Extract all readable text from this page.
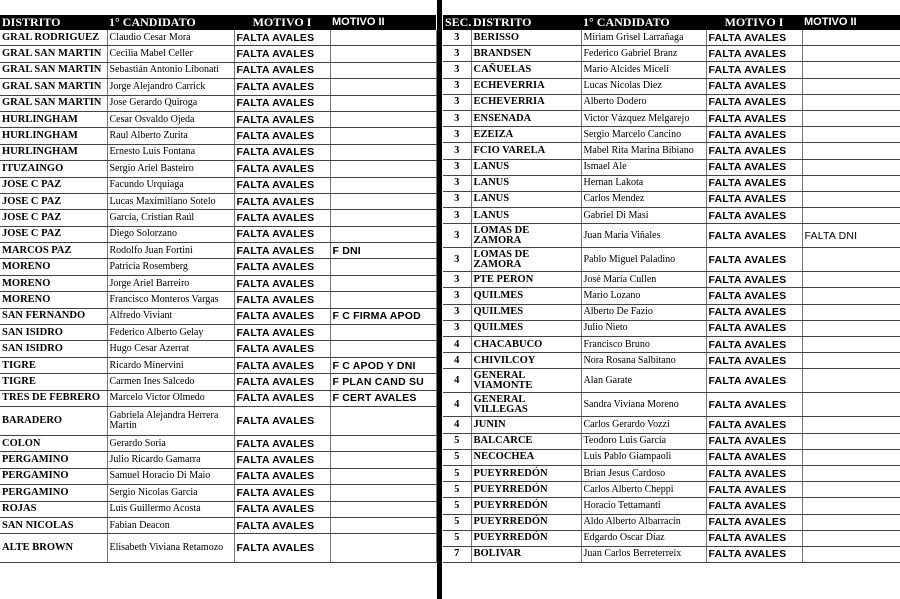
DISTRITO	1° CANDIDATO	MOTIVO I	MOTIVO II
GRAL RODRIGUEZ	Claudio Cesar Mora	FALTA AVALES	
GRAL SAN MARTIN	Cecilia Mabel Celler	FALTA AVALES	
GRAL SAN MARTIN	Sebastián Antonio Libonati	FALTA AVALES	
GRAL SAN MARTIN	Jorge Alejandro Carrick	FALTA AVALES	
GRAL SAN MARTIN	Jose Gerardo Quiroga	FALTA AVALES	
HURLINGHAM	Cesar Osvaldo Ojeda	FALTA AVALES	
HURLINGHAM	Raul Alberto Zurita	FALTA AVALES	
HURLINGHAM	Ernesto Luis Fontana	FALTA AVALES	
ITUZAINGO	Sergio Ariel Basteiro	FALTA AVALES	
JOSE C PAZ	Facundo Urquiaga	FALTA AVALES	
JOSE C PAZ	Lucas Maximiliano Sotelo	FALTA AVALES	
JOSE C PAZ	García, Cristian Raúl	FALTA AVALES	
JOSE C PAZ	Diego Solorzano	FALTA AVALES	
MARCOS PAZ	Rodolfo Juan Fortini	FALTA AVALES	F DNI
MORENO	Patricia Rosemberg	FALTA AVALES	
MORENO	Jorge Ariel Barreiro	FALTA AVALES	
MORENO	Francisco Monteros Vargas	FALTA AVALES	
SAN FERNANDO	Alfredo Viviant	FALTA AVALES	F C FIRMA APOD
SAN ISIDRO	Federico Alberto Gelay	FALTA AVALES	
SAN ISIDRO	Hugo Cesar Azerrat	FALTA AVALES	
TIGRE	Ricardo Minervini	FALTA AVALES	F C APOD Y DNI
TIGRE	Carmen Ines Salcedo	FALTA AVALES	F PLAN CAND SU
TRES DE FEBRERO	Marcelo Victor Olmedo	FALTA AVALES	F CERT AVALES
BARADERO	Gabriela Alejandra Herrera Martin	FALTA AVALES	
COLON	Gerardo Soria	FALTA AVALES	
PERGAMINO	Julio Ricardo Gamarra	FALTA AVALES	
PERGAMINO	Samuel Horacio Di Maio	FALTA AVALES	
PERGAMINO	Sergio Nicolas Garcia	FALTA AVALES	
ROJAS	Luis Guillermo Acosta	FALTA AVALES	
SAN NICOLAS	Fabian Deacon	FALTA AVALES	
ALTE BROWN	Elisabeth Viviana Retamozo	FALTA AVALES	
SEC.	DISTRITO	1° CANDIDATO	MOTIVO I	MOTIVO II
3	BERISSO	Miriam Grisel Larrañaga	FALTA AVALES	
3	BRANDSEN	Federico Gabriel Branz	FALTA AVALES	
3	CAÑUELAS	Mario Alcides Miceli	FALTA AVALES	
3	ECHEVERRIA	Lucas Nicolas Diez	FALTA AVALES	
3	ECHEVERRIA	Alberto Dodero	FALTA AVALES	
3	ENSENADA	Victor Vázquez Melgarejo	FALTA AVALES	
3	EZEIZA	Sergio Marcelo Cancino	FALTA AVALES	
3	FCIO VARELA	Mabel Rita Marina Bibiano	FALTA AVALES	
3	LANUS	Ismael Ale	FALTA AVALES	
3	LANUS	Hernan Lakota	FALTA AVALES	
3	LANUS	Carlos Mendez	FALTA AVALES	
3	LANUS	Gabriel Di Masi	FALTA AVALES	
3	LOMAS DE ZAMORA	Juan Maria Viñales	FALTA AVALES	FALTA DNI
3	LOMAS DE ZAMORA	Pablo Miguel Paladino	FALTA AVALES	
3	PTE PERON	José María Cullen	FALTA AVALES	
3	QUILMES	Mario Lozano	FALTA AVALES	
3	QUILMES	Alberto De Fazio	FALTA AVALES	
3	QUILMES	Julio Nieto	FALTA AVALES	
4	CHACABUCO	Francisco Bruno	FALTA AVALES	
4	CHIVILCOY	Nora Rosana Salbitano	FALTA AVALES	
4	GENERAL VIAMONTE	Alan Garate	FALTA AVALES	
4	GENERAL VILLEGAS	Sandra Viviana Moreno	FALTA AVALES	
4	JUNIN	Carlos Gerardo Vozzi	FALTA AVALES	
5	BALCARCE	Teodoro Luis García	FALTA AVALES	
5	NECOCHEA	Luis Pablo Giampaoli	FALTA AVALES	
5	PUEYRREDÓN	Brian Jesus Cardoso	FALTA AVALES	
5	PUEYRREDÓN	Carlos Alberto Cheppi	FALTA AVALES	
5	PUEYRREDÓN	Horacio Tettamanti	FALTA AVALES	
5	PUEYRREDÓN	Aldo Alberto Albarracin	FALTA AVALES	
5	PUEYRREDÓN	Edgardo Oscar Díaz	FALTA AVALES	
7	BOLIVAR	Juan Carlos Berreterreix	FALTA AVALES	
